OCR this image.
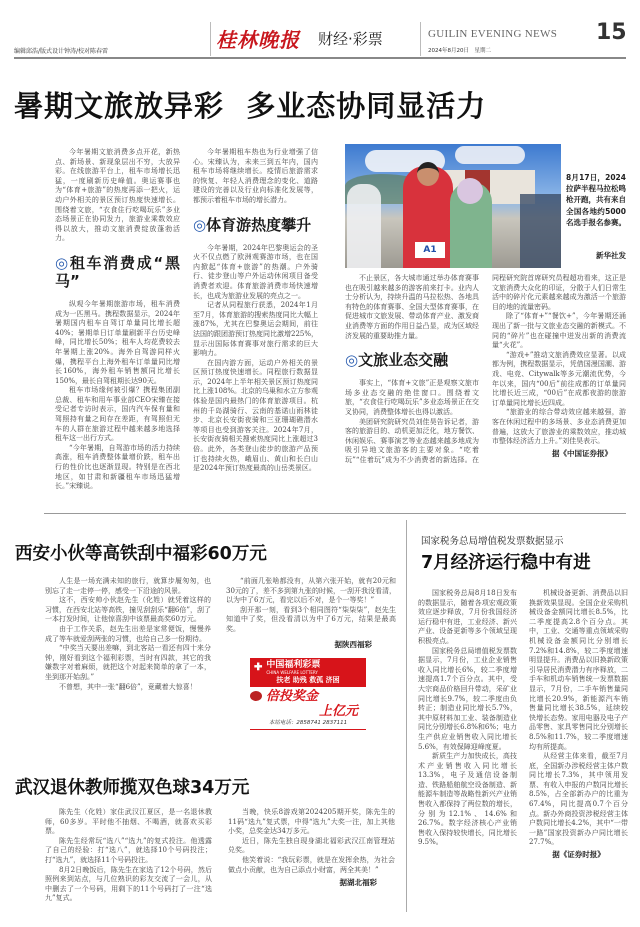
编辑邱浩/版式设计钟涛/校对陈春雷	桂林晚报 财经·彩票	GUILIN EVENING NEWS
2024年8月20日　星期二
15
暑期文旅放异彩  多业态协同显活力

今年暑期文旅消费多点开花，新热点、新场景、新现象层出不穷，大放异彩。在线旅游平台上，租车市场增长迅猛，一度刷新历史峰值。奥运赛事也为“体育+旅游”的热度再添一把火，运动户外相关的景区预订热度快速增长。围绕着文旅，“衣食住行吃喝玩乐”多业态场景正在协同发力，旅游业乘数效应得以放大，推动文旅消费绽放蓬勃活力。

◎租车消费成“黑马”

纵观今年暑期旅游市场，租车消费成为一匹黑马。携程数据显示，2024年暑期国内租车自驾订单量同比增长超40%；暑期单日订单量刷新平台历史峰峰，同比增长50%；租车人均花费较去年暑期上涨20%。海外自驾游同样火爆，携程平台上海外租车订单量同比增长160%，海外租车销售额同比增长150%，最长自驾租期长达90天。

租车市场缘何被引爆？携程集团副总裁、租车和用车事业部CEO宋臻在接受记者专访时表示，国内汽车保有量和驾照持有量之间存在差距，有驾照但无车的人群在旅游过程中越来越多地选择租车这一出行方式。

“今年暑期，自驾游市场的活力持续高涨，租车消费整体量增价跌，租车出行的性价比也逐渐显现。特别是在西北地区，如甘肃和新疆租车市场迅猛增长。”宋臻说。

今年暑期租车热也为行业增强了信心。宋臻认为，未来三到五年内，国内租车市场将继续增长。疫情后旅游需求的恢复、年轻人消费理念的变化、道路建设的完善以及行业向标准化发展等，都预示着租车市场的增长潜力。

◎体育游热度攀升

今年暑期，2024年巴黎奥运会的圣火不仅点燃了欧洲观赛游市场，也在国内掀起“体育+旅游”的热潮。户外骑行、徒步登山等户外运动休闲项目备受消费者欢迎。体育旅游消费市场快速增长，也成为旅游业发展的亮点之一。

记者从同程旅行获悉，2024年1月至7月，体育旅游的搜索热度同比大幅上涨87%，尤其在巴黎奥运会期间，前往法国的跟团游预订热度同比激增225%，显示出国际体育赛事对旅行需求的巨大影响力。

在国内游方面，运动户外相关的景区预订热度快速增长。同程旅行数据显示，2024年上半年相关景区预订热度同比上涨108%。北京的乌巢和水立方参观体验是国内最热门的体育旅游项目。杭州的千岛湖骑行、云南的基诺山雨林徒步、北京长安街夜骑和三亚珊瑚礁潜水等项目也受到游客关注。2024年7月，长安街夜骑相关搜索热度同比上涨超过3倍。此外，各类登山徒步的旅游产品预订也持续火热，峨眉山、黄山和长白山是2024年预订热度最高的山岳类景区。

A1
8月17日，2024拉萨半程马拉松鸣枪开跑，共有来自全国各地约5000名选手报名参赛。
新华社发

不止景区，各大城市通过举办体育赛事也在吸引越来越多的游客前来打卡。业内人士分析认为，持续升温的马拉松热、各地具有特色的体育赛事、全国大型体育赛事，在促进城市文旅发展、带动体育产业、激发商业消费等方面的作用日益凸显，成为区域经济发展的重要助推力量。

◎文旅业态交融

事实上，“体育+文旅”正是观察文旅市场多业态交融的绝佳窗口。围绕着文旅，“衣食住行吃喝玩乐”多业态场景正在交叉协同，消费整体增长也得以激活。

美团研究院研究员刘佳昊告诉记者，游客的旅游目的、动机更加泛化，地方餐饮、休闲娱乐、赛事演艺等业态越来越多地成为吸引异地文旅游客的主要对象。“吃着玩”“住着玩”成为不少消费者的新选择。在同程研究院首席研究员程超功看来，这正是文旅消费大众化的印证，分散于人们日常生活中的碎片化元素越来越成为激活一个旅游目的地的流量密码。

除了“体育+”“餐饮+”，今年暑期还涌现出了新一批与文旅业态交融的新模式。不同的“碎片”也在碰撞中迸发出新的消费流量“火花”。

“游戏+”推动文旅消费效应显著。以成都为例，携程数据显示，凭借国漫国潮、游戏、电竞、Citywalk等多元潮流优势，今年以来，国内“00后”前往成都的订单量同比增长近三成，“00后”在成都夜游的旅游订单量同比增长近四成。

“旅游业的综合带动效应越来越强，游客在休闲过程中的多场景、多业态消费更加普遍，这放大了旅游业的乘数效应，推动城市整体经济活力上升。”刘佳昊表示。

据《中国证券报》
西安小伙等高铁刮中福彩60万元

人生是一场充满未知的旅行，就算步履匆匆，也别忘了走一走停一停，感受一下沿途的风景。

这不，西安帅小伙赵先生（化姓）就凭着这样的习惯，在西安北站等高铁，撞见刮刮乐“翻6倍”，刮了一本打发时间，让他惊喜刮中该票最高奖60万元。

由于工作关系，赵先生出差是家常便饭，慢慢养成了等车就爱刮两张的习惯，也给自己多一份期待。

“中奖当天要出差嘛，到北客站一看还有四十来分钟，刚好看到这个福利彩票，当时有四款，其它的我嫌数字对着麻烦，就把这个对起来简单的拿了一本，坐到那开始刮。”

不曾想，其中一张“翻6倍”，竟藏着大惊喜！

“前面几张啥都没有，从第六张开始，就有20元和30元的了，差不多到第九张的时候，一刮开我没看清，以为中了6万元，看完以后不对，是个一等奖！”

刮开那一刻，看到3个相同图符“柒柒柒”，赵先生知道中了奖，但没看清以为中了6万元，结果是最高奖。

据陕西福彩
✚ 中国福利彩票
CHINA WELFARE LOTTERY
扶老 助残 救孤 济困
倍投奖金
上亿元
本站电话：2858741 2837111
武汉退休教师揽双色球34万元

陈先生（化姓）家住武汉江夏区，是一名退休教师，60多岁。平时他不抽烟、不喝酒，就喜欢买彩票。

陈先生经常玩“选八”“选九”的复式投注。他透露了自己的经验：打“选八”，就选择10个号码投注；打“选九”，就选择11个号码投注。

8月2日晚饭后，陈先生在家选了12个号码，然后照例来到站点，与几位熟识的彩友交流了一会儿，从中删去了一个号码，用剩下的11个号码打了一注“选九”复式。

当晚，快乐8游戏第2024205期开奖，陈先生的11码“选九”复式票，中得“选九”大奖一注，加上其他小奖，总奖金达34万多元。

近日，陈先生独自现身湖北福彩武汉江南管理站兑奖。

他笑着说：“我玩彩票，就是在发挥余热，为社会做点小贡献，也为自己添点小财富，两全其美！”

据湖北福彩
国家税务总局增值税发票数据显示
7月经济运行稳中有进

国家税务总局8月18日发布的数据显示，随着各项宏观政策效应逐步释放，7月份我国经济运行稳中有进，工业经济、新兴产业、设备更新等多个领域呈现积极亮点。

国家税务总局增值税发票数据显示，7月份，工业企业销售收入同比增长6%，较二季度增速提高1.7个百分点。其中，受大宗商品价格回升带动，采矿业同比增长9.7%，较二季度由负转正；制造业同比增长5.7%，其中原材料加工业、装备制造业同比分别增长6.8%和6%；电力生产供应业销售收入同比增长5.6%，有效保障迎峰度夏。

新质生产力加快成长，高技术产业销售收入同比增长13.3%，电子及通信设备制造、铁路船舶航空设备制造、新能源车制造等战略性新兴产业销售收入都保持了两位数的增长，分别为12.1%、14.6%和26.7%。数字经济核心产业销售收入保持较快增长，同比增长9.5%。

机械设备更新、消费品以旧换新效果显现。全国企业采购机械设备金额同比增长8.5%，比二季度提高2.8个百分点。其中，工业、交通等重点领域采购机械设备金额同比分别增长7.2%和14.8%，较二季度增速明显提升。消费品以旧换新政策引导居民消费潜力有序释放，二手车和机动车销售统一发票数据显示，7月份，二手车销售量同比增长20.9%，新能源汽车销售量同比增长38.5%，延续较快增长态势。家用电器及电子产品零售、家具零售同比分别增长8.5%和11.7%，较二季度增速均有所提高。

从经营主体来看，截至7月底，全国新办涉税经营主体户数同比增长7.3%，其中领用发票、有收入申报的户数同比增长8.5%，占全部新办户的比重为67.4%，同比提高0.7个百分点。新办外商投资涉税经营主体户数同比增长4.2%，其中“一带一路”国家投资新办户同比增长27.7%。

据《证券时报》
